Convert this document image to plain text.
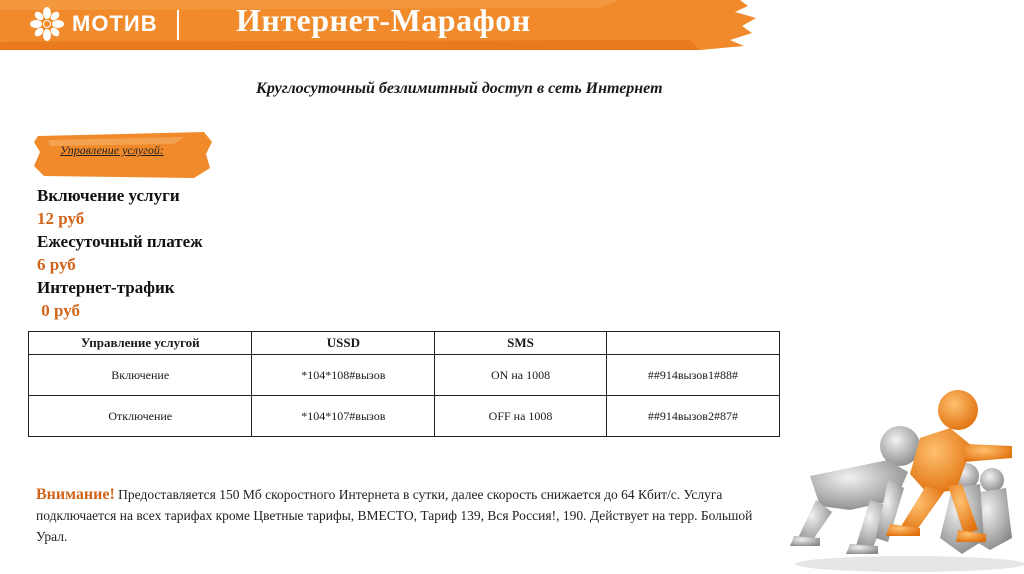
МОТИВ Интернет-Марафон
Круглосуточный безлимитный доступ в сеть Интернет
Управление услугой:
Включение услуги
12 руб
Ежесуточный платеж
6 руб
Интернет-трафик
0 руб
Управление услугой	USSD	SMS	
Включение	*104*108#вызов	ON на 1008	##914вызов1#88#
Отключение	*104*107#вызов	OFF на 1008	##914вызов2#87#
Внимание! Предоставляется 150 Мб скоростного Интернета в сутки, далее скорость снижается до 64 Кбит/с. Услуга подключается на всех тарифах кроме Цветные тарифы, ВМЕСТО, Тариф 139, Вся Россия!, 190. Действует на терр. Большой Урал.
